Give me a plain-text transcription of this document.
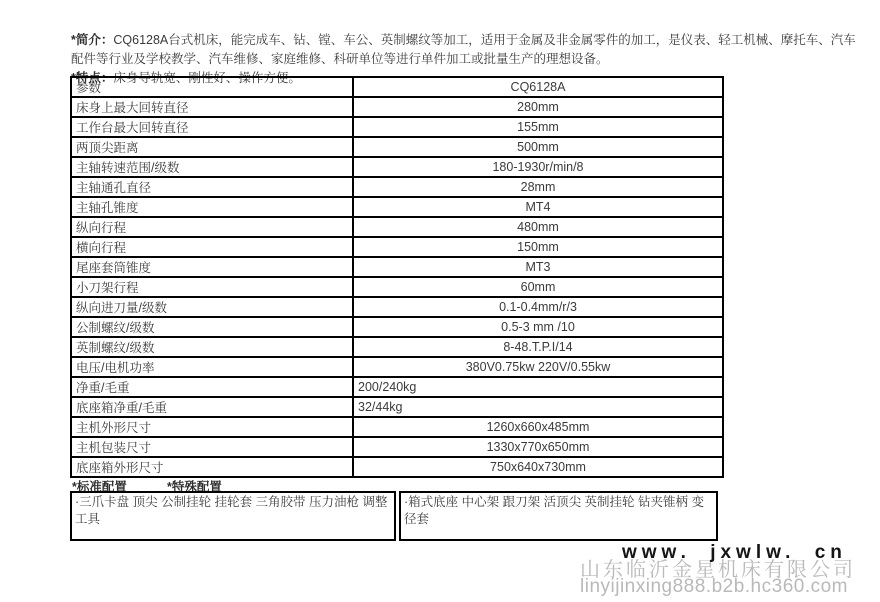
*简介：CQ6128A台式机床，能完成车、钻、镗、车公、英制螺纹等加工，适用于金属及非金属零件的加工，是仪表、轻工机械、摩托车、汽车配件等行业及学校教学、汽车维修、家庭维修、科研单位等进行单件加工或批量生产的理想设备。

*特点：床身导轨宽、刚性好、操作方便。

参数	CQ6128A
床身上最大回转直径	280mm
工作台最大回转直径	155mm
两顶尖距离	500mm
主轴转速范围/级数	180-1930r/min/8
主轴通孔直径	28mm
主轴孔锥度	MT4
纵向行程	480mm
横向行程	150mm
尾座套筒锥度	MT3
小刀架行程	60mm
纵向进刀量/级数	0.1-0.4mm/r/3
公制螺纹/级数	0.5-3 mm /10
英制螺纹/级数	8-48.T.P.I/14
电压/电机功率	380V0.75kw 220V/0.55kw
净重/毛重	200/240kg
底座箱净重/毛重	32/44kg
主机外形尺寸	1260x660x485mm
主机包装尺寸	1330x770x650mm
底座箱外形尺寸	750x640x730mm
*标准配置	*特殊配置
·三爪卡盘 顶尖 公制挂轮 挂轮套 三角胶带 压力油枪 调整工具
·箱式底座 中心架 跟刀架 活顶尖 英制挂轮 钻夹锥柄 变径套
山东临沂金星机床有限公司
linyijinxing888.b2b.hc360.com
www. jxwlw. cn
